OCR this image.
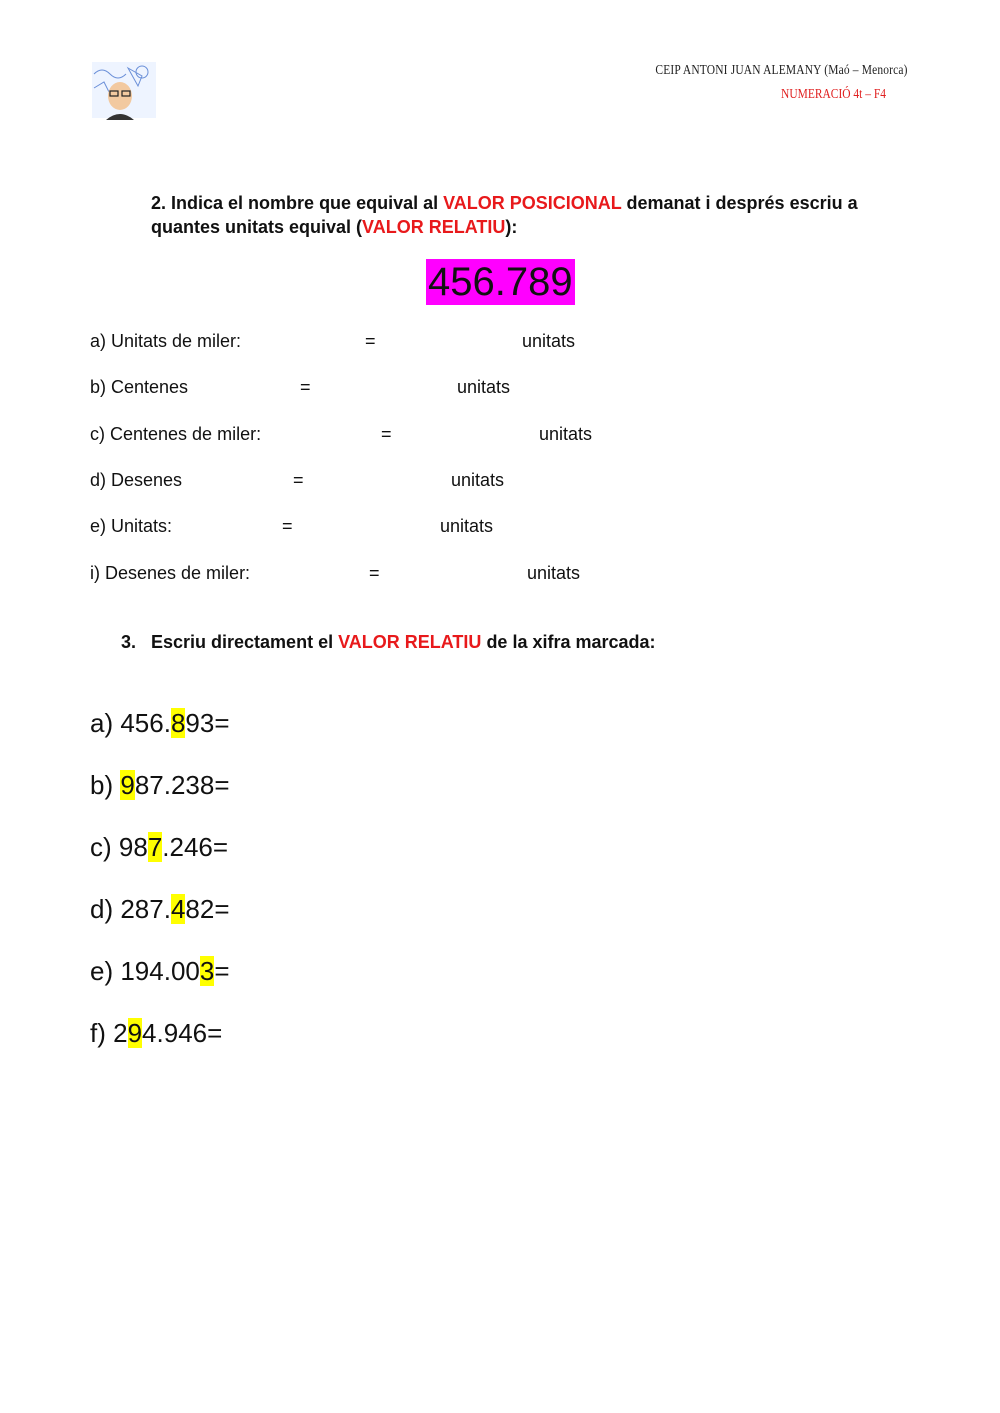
CEIP ANTONI JUAN ALEMANY (Maó – Menorca)
NUMERACIÓ 4t – F4
2. Indica el nombre que equival al VALOR POSICIONAL demanat i després escriu a quantes unitats equival (VALOR RELATIU):
456.789
a) Unitats de miler:	=	unitats
b) Centenes	=	unitats
c) Centenes de miler:	=	unitats
d) Desenes	=	unitats
e) Unitats:	=	unitats
i) Desenes de miler:	=	unitats
3. Escriu directament el VALOR RELATIU de la xifra marcada:
a) 456.893=
b) 987.238=
c) 987.246=
d) 287.482=
e) 194.003=
f) 294.946=
